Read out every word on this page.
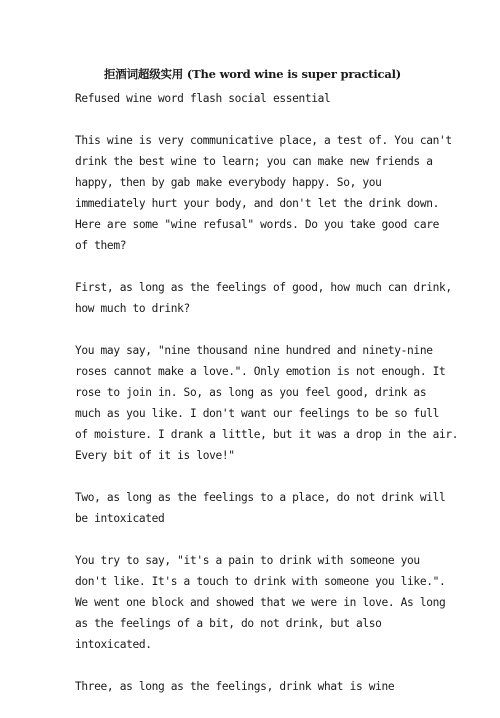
拒酒词超级实用 (The word wine is super practical)
Refused wine word flash social essential
This wine is very communicative place, a test of. You can't
drink the best wine to learn; you can make new friends a
happy, then by gab make everybody happy. So, you
immediately hurt your body, and don't let the drink down.
Here are some "wine refusal" words. Do you take good care
of them?
First, as long as the feelings of good, how much can drink,
how much to drink?
You may say, "nine thousand nine hundred and ninety-nine
roses cannot make a love.". Only emotion is not enough. It
rose to join in. So, as long as you feel good, drink as
much as you like. I don't want our feelings to be so full
of moisture. I drank a little, but it was a drop in the air.
Every bit of it is love!"
Two, as long as the feelings to a place, do not drink will
be intoxicated
You try to say, "it's a pain to drink with someone you
don't like. It's a touch to drink with someone you like.".
We went one block and showed that we were in love. As long
as the feelings of a bit, do not drink, but also
intoxicated.
Three, as long as the feelings, drink what is wine
